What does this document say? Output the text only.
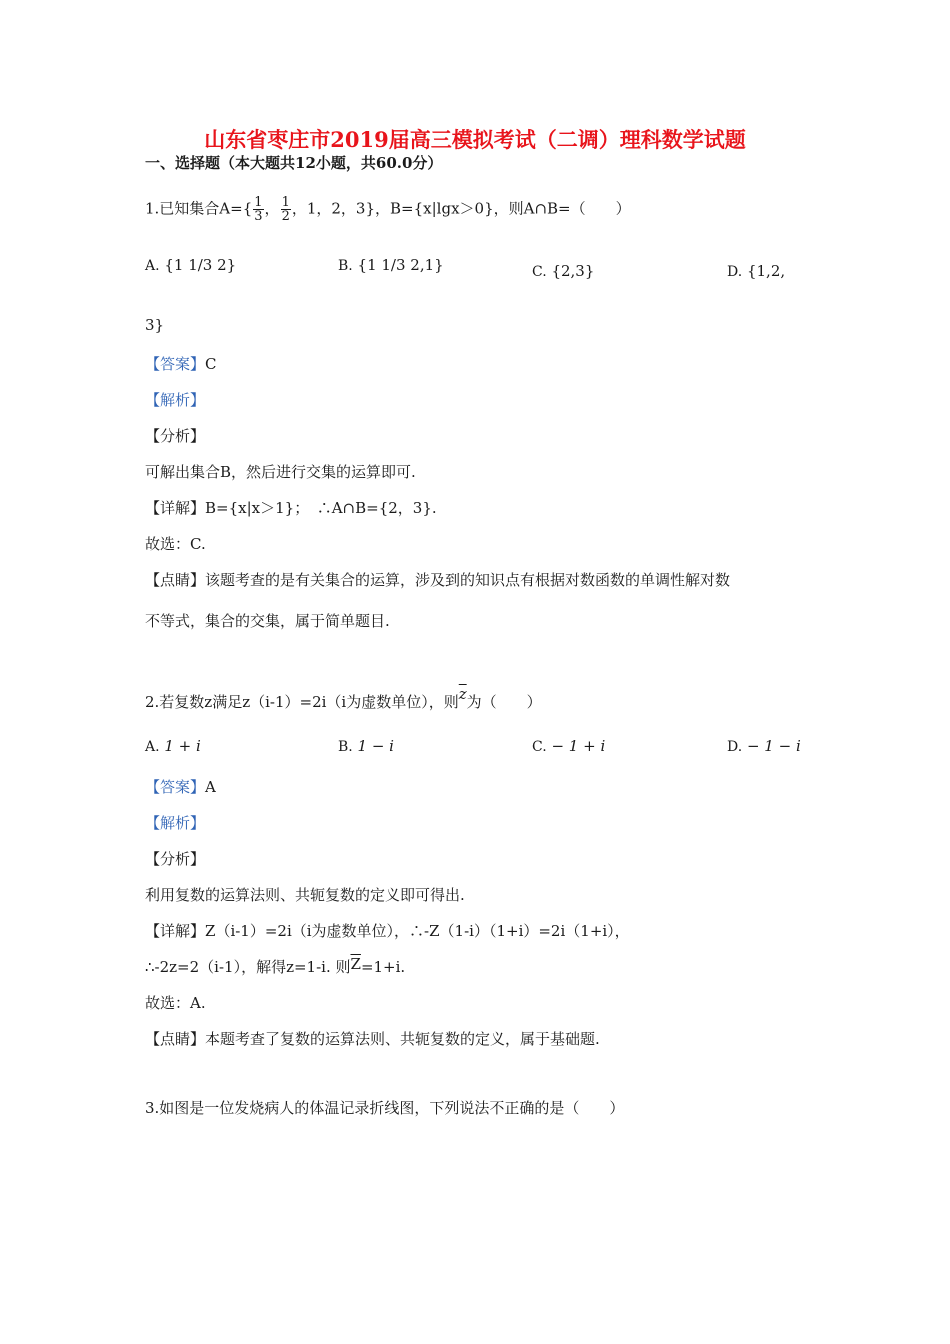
山东省枣庄市2019届高三模拟考试（二调）理科数学试题
一、选择题（本大题共12小题，共60.0分）
1.已知集合$A=\{ \frac{1}{3}$ ， $\frac{1}{2}$ ，1，2，3}，B={x|lgx＞0}，则A∩B=（　　）
A. {1 1/3 2}	B. {1 1/3 2,1}	C. {2,3}	D. {1,2,
3}
【答案】C
【解析】
【分析】
可解出集合B，然后进行交集的运算即可.
【详解】B={x|x＞1}；　∴A∩B={2，3}.
故选：C.
【点睛】该题考查的是有关集合的运算，涉及到的知识点有根据对数函数的单调性解对数
不等式，集合的交集，属于简单题目.
2.若复数z满足z（i-1）=2i（i为虚数单位），则$\overline{z}$为（　　）
A. 1 + i	B. 1 − i	C. − 1 + i	D. − 1 − i
【答案】A
【解析】
【分析】
利用复数的运算法则、共轭复数的定义即可得出.
【详解】Z（i-1）=2i（i为虚数单位），∴-Z（1-i）（1+i）=2i（1+i），
∴-2z=2（i-1），解得z=1-i. 则$\overline{Z}=1+i$.
故选：A.
【点睛】本题考查了复数的运算法则、共轭复数的定义，属于基础题.
3.如图是一位发烧病人的体温记录折线图，下列说法不正确的是（　　）
